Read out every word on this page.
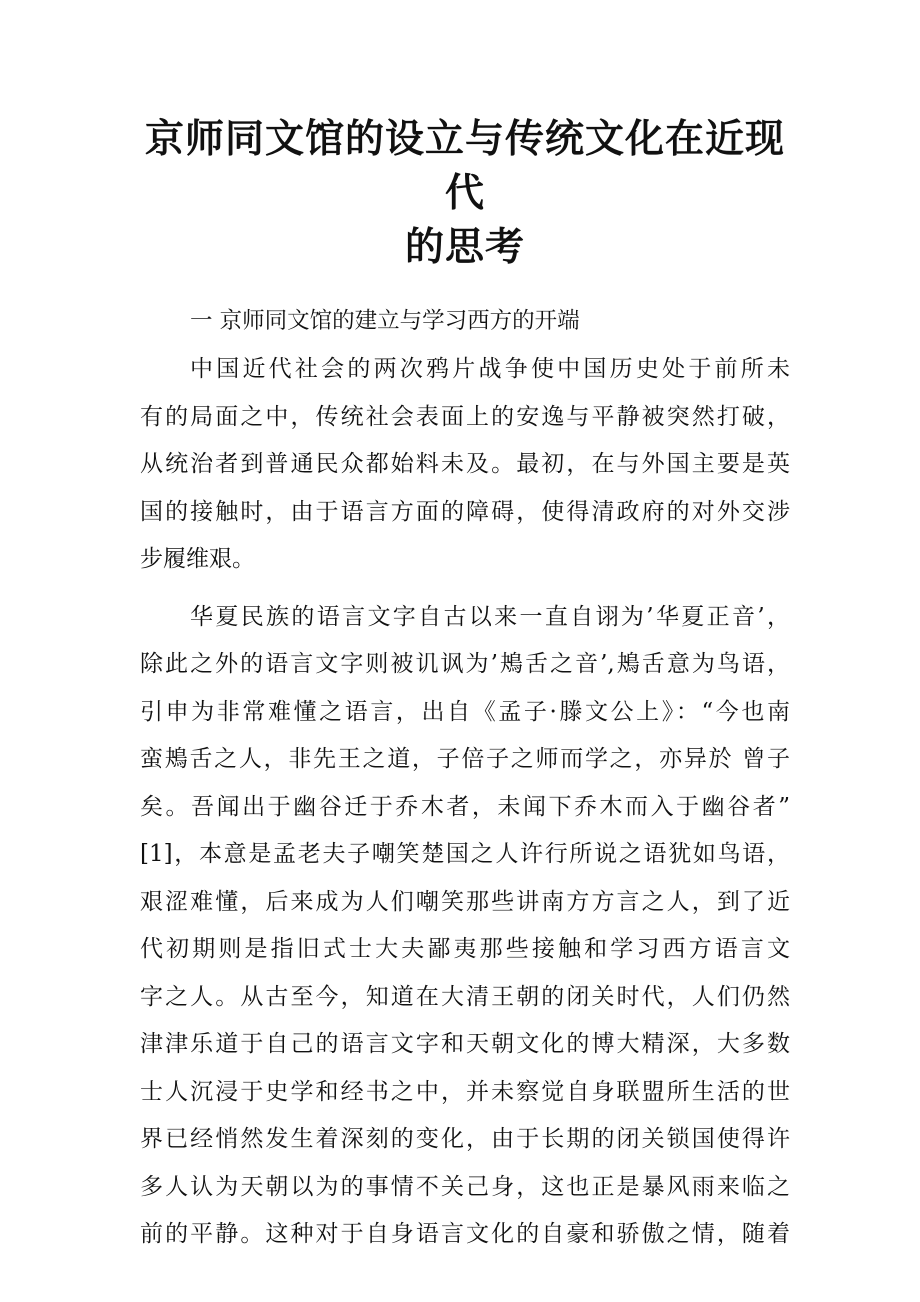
京师同文馆的设立与传统文化在近现代
的思考
一 京师同文馆的建立与学习西方的开端

中国近代社会的两次鸦片战争使中国历史处于前所未
有的局面之中，传统社会表面上的安逸与平静被突然打破，
从统治者到普通民众都始料未及。最初，在与外国主要是英
国的接触时，由于语言方面的障碍，使得清政府的对外交涉
步履维艰。

华夏民族的语言文字自古以来一直自诩为’华夏正音’，
除此之外的语言文字则被讥讽为’鴂舌之音’,鴂舌意为鸟语，
引申为非常难懂之语言，出自《孟子·滕文公上》：“今也南
蛮鴂舌之人，非先王之道，子倍子之师而学之，亦异於 曾子
矣。吾闻出于幽谷迁于乔木者，未闻下乔木而入于幽谷者”
[1]，本意是孟老夫子嘲笑楚国之人许行所说之语犹如鸟语，
艰涩难懂，后来成为人们嘲笑那些讲南方方言之人，到了近
代初期则是指旧式士大夫鄙夷那些接触和学习西方语言文
字之人。从古至今，知道在大清王朝的闭关时代，人们仍然
津津乐道于自己的语言文字和天朝文化的博大精深，大多数
士人沉浸于史学和经书之中，并未察觉自身联盟所生活的世
界已经悄然发生着深刻的变化，由于长期的闭关锁国使得许
多人认为天朝以为的事情不关己身，这也正是暴风雨来临之
前的平静。这种对于自身语言文化的自豪和骄傲之情，随着
